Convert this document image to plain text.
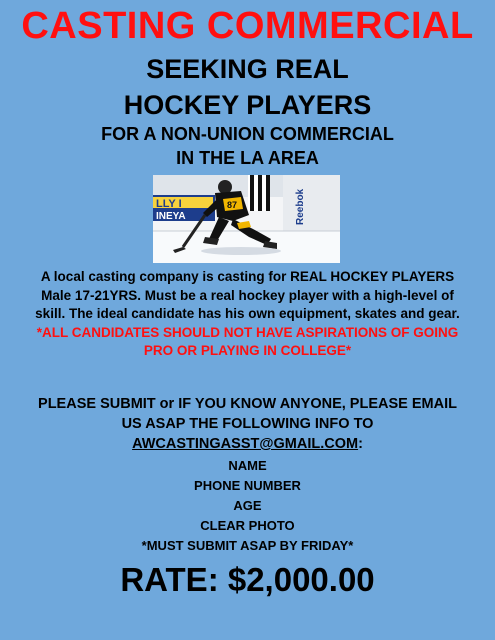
CASTING COMMERCIAL
SEEKING REAL
HOCKEY PLAYERS
FOR A NON-UNION COMMERCIAL
IN THE LA AREA
LLY I
INEYA	Reebok
87
A local casting company is casting for REAL HOCKEY PLAYERS
Male 17-21YRS. Must be a real hockey player with a high-level of
skill. The ideal candidate has his own equipment, skates and gear.
*ALL CANDIDATES SHOULD NOT HAVE ASPIRATIONS OF GOING
PRO OR PLAYING IN COLLEGE*
PLEASE SUBMIT or IF YOU KNOW ANYONE, PLEASE EMAIL
US ASAP THE FOLLOWING INFO TO
AWCASTINGASST@GMAIL.COM:
NAME
PHONE NUMBER
AGE
CLEAR PHOTO
*MUST SUBMIT ASAP BY FRIDAY*
RATE: $2,000.00
